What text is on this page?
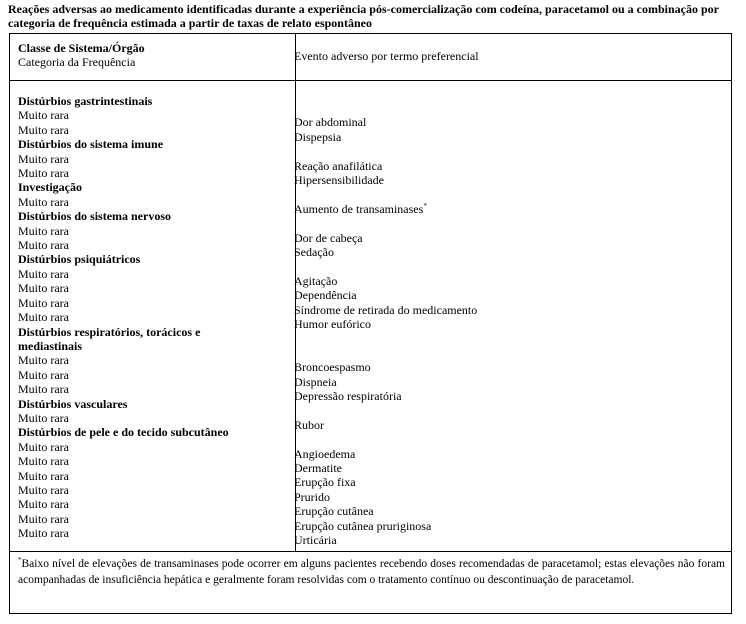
Reações adversas ao medicamento identificadas durante a experiência pós-comercialização com codeína, paracetamol ou a combinação por categoria de frequência estimada a partir de taxas de relato espontâneo
Classe de Sistema/Órgão
Categoria da Frequência	Evento adverso por termo preferencial
Distúrbios gastrintestinais
Muito rara
Muito rara
Distúrbios do sistema imune
Muito rara
Muito rara
Investigação
Muito rara
Distúrbios do sistema nervoso
Muito rara
Muito rara
Distúrbios psiquiátricos
Muito rara
Muito rara
Muito rara
Muito rara
Distúrbios respiratórios, torácicos e
mediastinais
Muito rara
Muito rara
Muito rara
Distúrbios vasculares
Muito rara
Distúrbios de pele e do tecido subcutâneo
Muito rara
Muito rara
Muito rara
Muito rara
Muito rara
Muito rara
Muito rara
Dor abdominal
Dispepsia
Reação anafilática
Hipersensibilidade
Aumento de transaminases*
Dor de cabeça
Sedação
Agitação
Dependência
Síndrome de retirada do medicamento
Humor eufórico
Broncoespasmo
Dispneia
Depressão respiratória
Rubor
Angioedema
Dermatite
Erupção fixa
Prurido
Erupção cutânea
Erupção cutânea pruriginosa
Urticária
*Baixo nível de elevações de transaminases pode ocorrer em alguns pacientes recebendo doses recomendadas de paracetamol; estas elevações não foram acompanhadas de insuficiência hepática e geralmente foram resolvidas com o tratamento contínuo ou descontinuação de paracetamol.
